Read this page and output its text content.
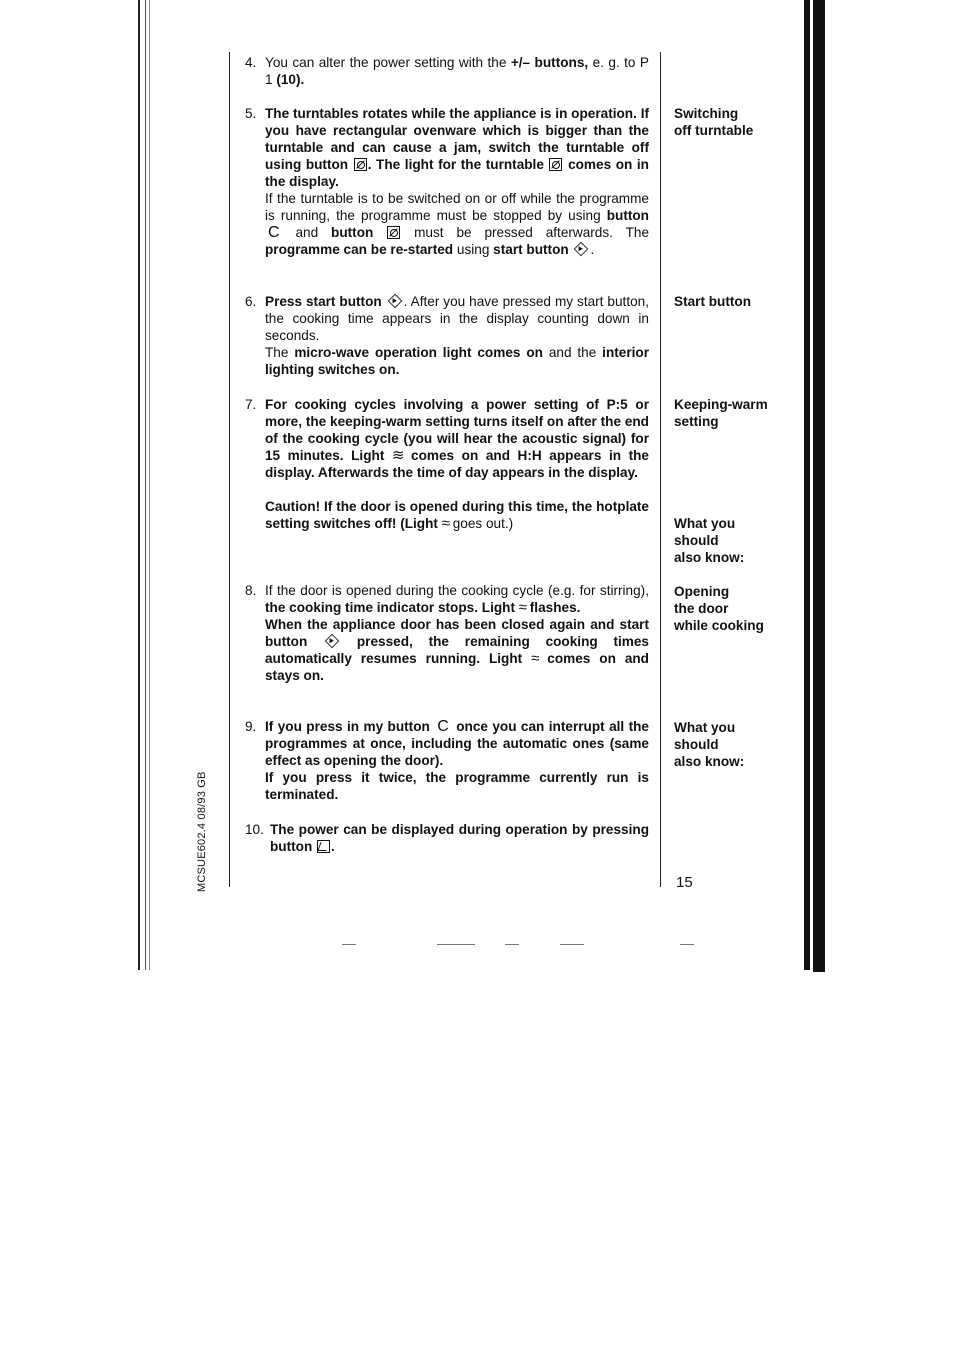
MCSUE602.4 08/93 GB
4. You can alter the power setting with the +/– buttons, e. g. to P 1 (10).
5. The turntables rotates while the appliance is in operation. If you have rectangular ovenware which is bigger than the turntable and can cause a jam, switch the turntable off using button . The light for the turntable  comes on in the display.

If the turntable is to be switched on or off while the programme is running, the programme must be stopped by using button C and button  must be pressed afterwards. The programme can be re-started using start button .

6. Press start button . After you have pressed my start button, the cooking time appears in the display counting down in seconds.

The micro-wave operation light comes on and the interior lighting switches on.

7. For cooking cycles involving a power setting of P:5 or more, the keeping-warm setting turns itself on after the end of the cooking cycle (you will hear the acoustic signal) for 15 minutes. Light ≋ comes on and H:H appears in the display. Afterwards the time of day appears in the display.

Caution! If the door is opened during this time, the hotplate setting switches off! (Light ≈ goes out.)

8. If the door is opened during the cooking cycle (e.g. for stirring), the cooking time indicator stops. Light ≈ flashes.

When the appliance door has been closed again and start button  pressed, the remaining cooking times automatically resumes running. Light ≈ comes on and stays on.

9. If you press in my button C once you can interrupt all the programmes at once, including the automatic ones (same effect as opening the door).

If you press it twice, the programme currently run is terminated.

10. The power can be displayed during operation by pressing button .

Switching
off turntable
Start button
Keeping-warm
setting
What you
should
also know:
Opening
the door
while cooking
What you
should
also know:
15
